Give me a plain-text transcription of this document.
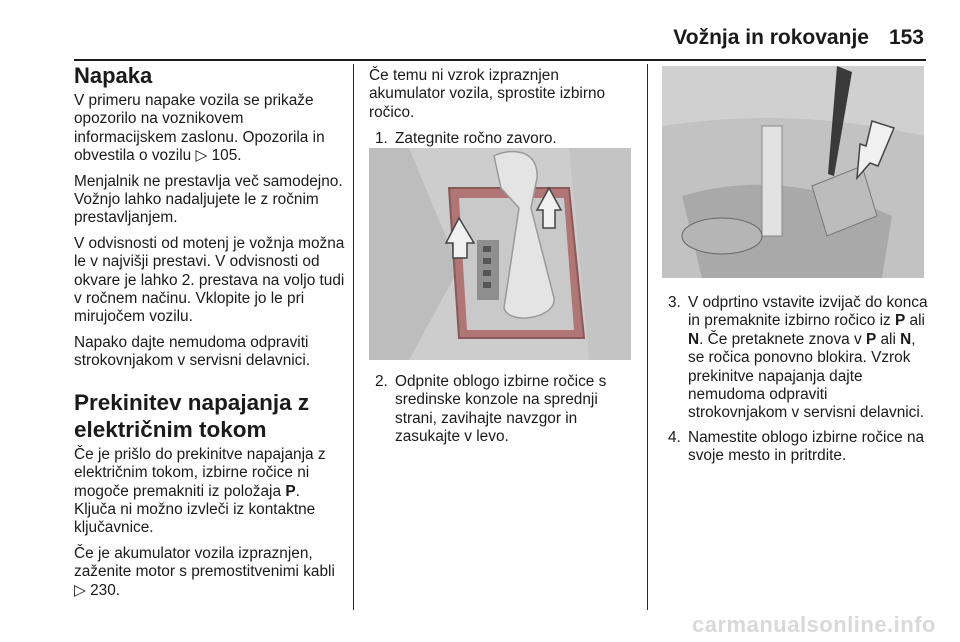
Vožnja in rokovanje 153
Napaka

V primeru napake vozila se prikaže opozorilo na voznikovem informacijskem zaslonu. Opozorila in obvestila o vozilu ▷ 105.

Menjalnik ne prestavlja več samodejno. Vožnjo lahko nadaljujete le z ročnim prestavljanjem.

V odvisnosti od motenj je vožnja možna le v najvišji prestavi. V odvisnosti od okvare je lahko 2. prestava na voljo tudi v ročnem načinu. Vklopite jo le pri mirujočem vozilu.

Napako dajte nemudoma odpraviti strokovnjakom v servisni delavnici.

Prekinitev napajanja z električnim tokom

Če je prišlo do prekinitve napajanja z električnim tokom, izbirne ročice ni mogoče premakniti iz položaja P. Ključa ni možno izvleči iz kontaktne ključavnice.

Če je akumulator vozila izpraznjen, zaženite motor s premostitvenimi kabli ▷ 230.

Če temu ni vzrok izpraznjen akumulator vozila, sprostite izbirno ročico.

1. Zategnite ročno zavoro.
2. Odpnite oblogo izbirne ročice s sredinske konzole na sprednji strani, zavihajte navzgor in zasukajte v levo.
3. V odprtino vstavite izvijač do konca in premaknite izbirno ročico iz P ali N. Če pretaknete znova v P ali N, se ročica ponovno blokira. Vzrok prekinitve napajanja dajte nemudoma odpraviti strokovnjakom v servisni delavnici.
4. Namestite oblogo izbirne ročice na svoje mesto in pritrdite.
carmanualsonline.info
